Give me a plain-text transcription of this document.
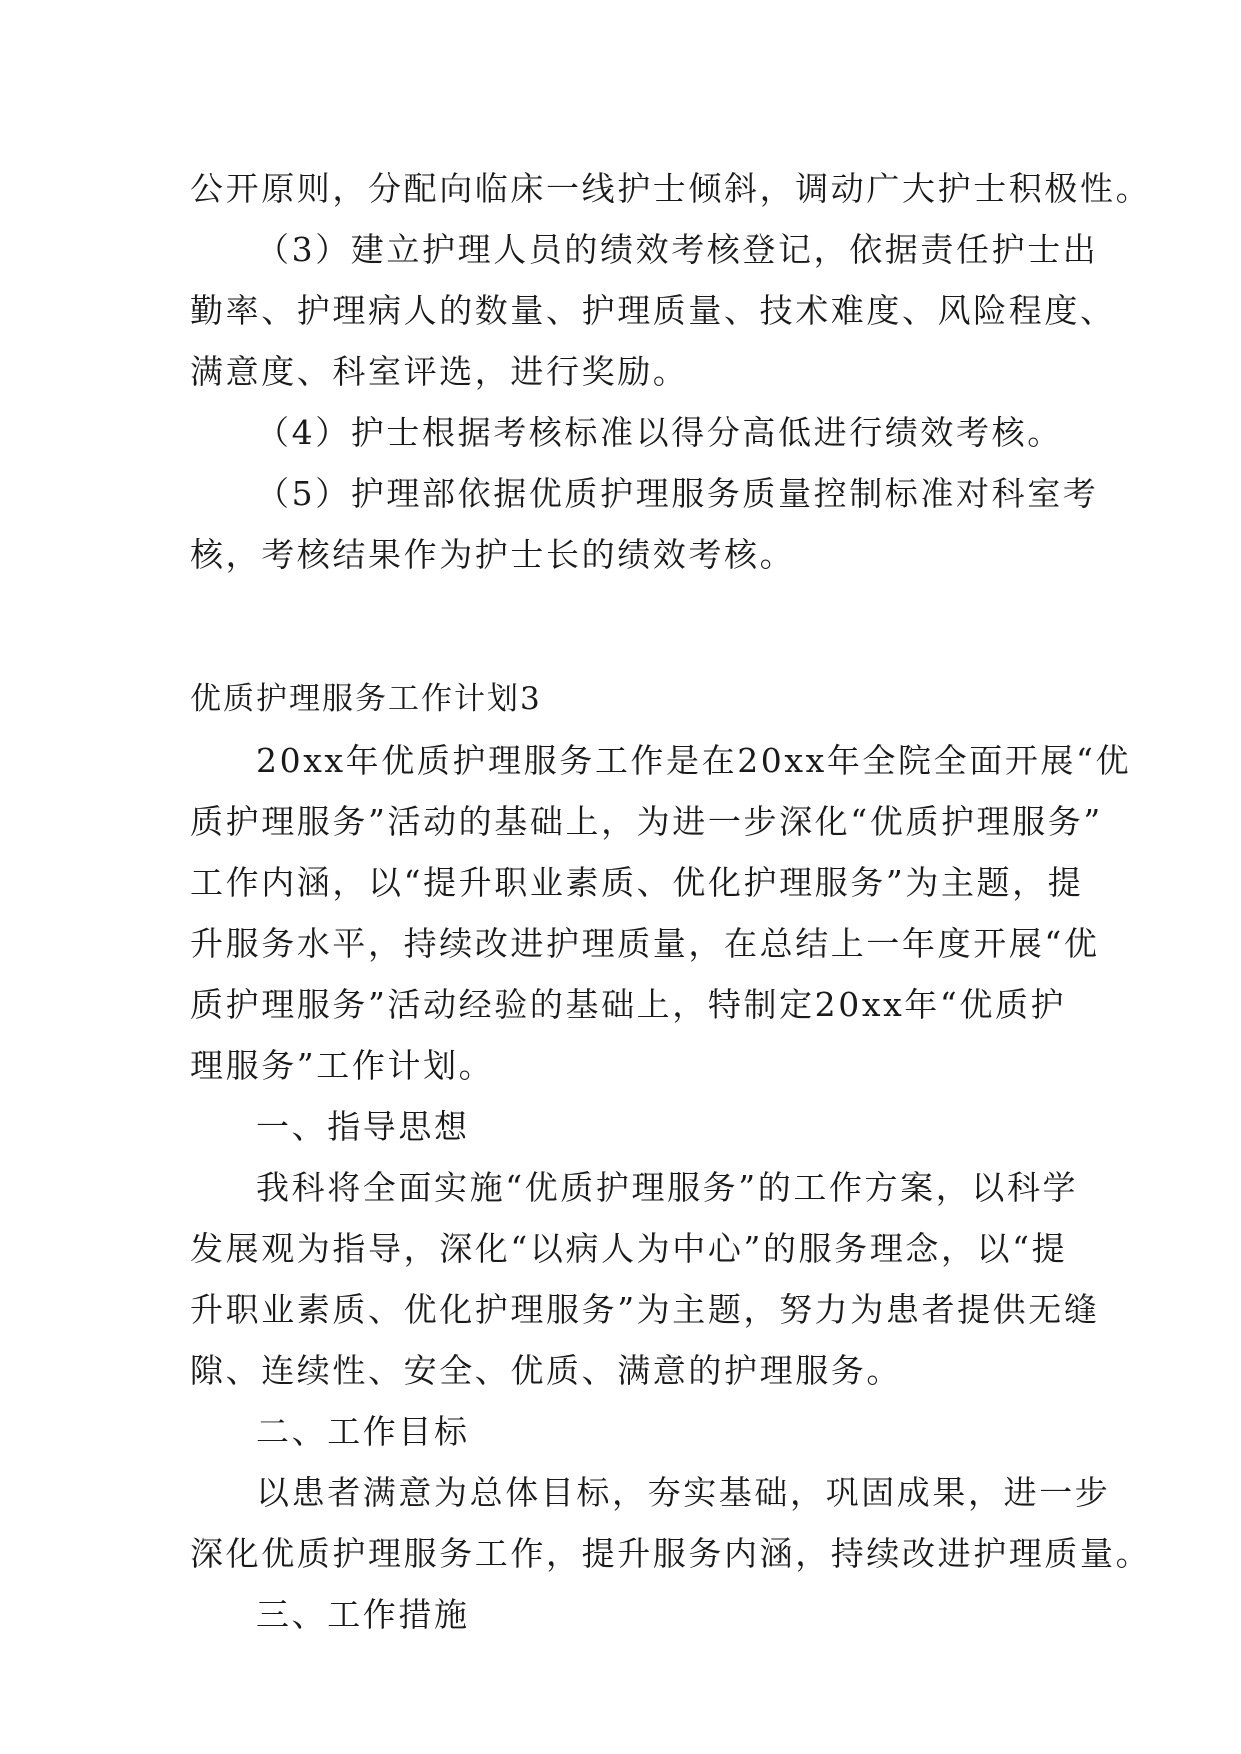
公开原则，分配向临床一线护士倾斜，调动广大护士积极性。
（3）建立护理人员的绩效考核登记，依据责任护士出
勤率、护理病人的数量、护理质量、技术难度、风险程度、
满意度、科室评选，进行奖励。
（4）护士根据考核标准以得分高低进行绩效考核。
（5）护理部依据优质护理服务质量控制标准对科室考
核，考核结果作为护士长的绩效考核。
优质护理服务工作计划3
20xx年优质护理服务工作是在20xx年全院全面开展“优
质护理服务”活动的基础上，为进一步深化“优质护理服务”
工作内涵，以“提升职业素质、优化护理服务”为主题，提
升服务水平，持续改进护理质量，在总结上一年度开展“优
质护理服务”活动经验的基础上，特制定20xx年“优质护
理服务”工作计划。
一、指导思想
我科将全面实施“优质护理服务”的工作方案，以科学
发展观为指导，深化“以病人为中心”的服务理念，以“提
升职业素质、优化护理服务”为主题，努力为患者提供无缝
隙、连续性、安全、优质、满意的护理服务。
二、工作目标
以患者满意为总体目标，夯实基础，巩固成果，进一步
深化优质护理服务工作，提升服务内涵，持续改进护理质量。
三、工作措施
